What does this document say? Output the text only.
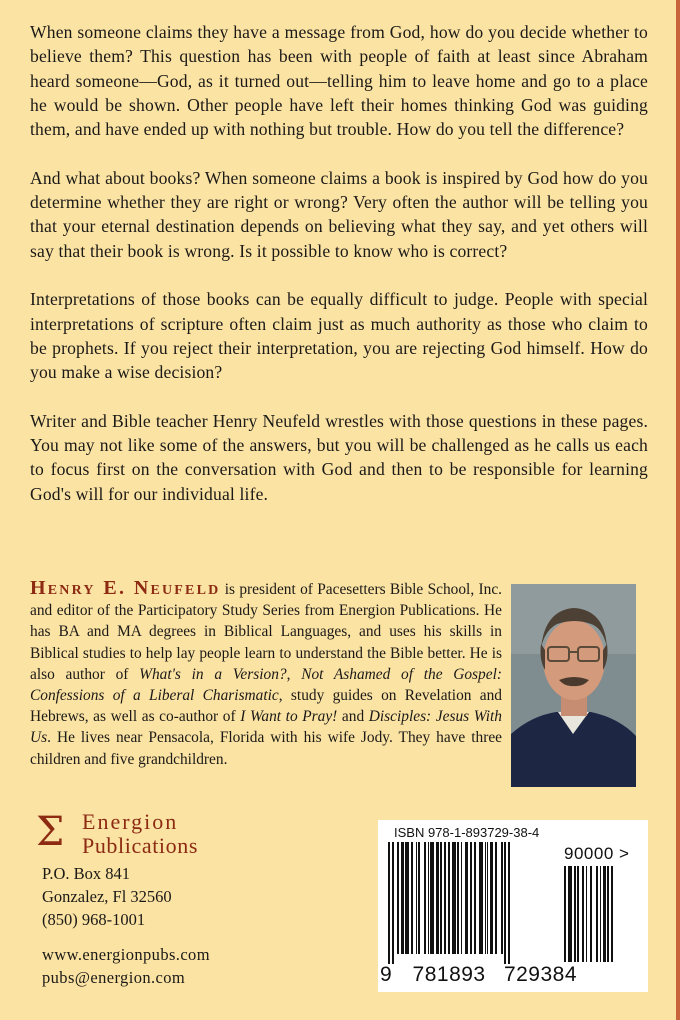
When someone claims they have a message from God, how do you decide whether to believe them? This question has been with people of faith at least since Abraham heard someone—God, as it turned out—telling him to leave home and go to a place he would be shown. Other people have left their homes thinking God was guiding them, and have ended up with nothing but trouble. How do you tell the difference?

And what about books? When someone claims a book is inspired by God how do you determine whether they are right or wrong? Very often the author will be telling you that your eternal destination depends on believing what they say, and yet others will say that their book is wrong. Is it possible to know who is correct?

Interpretations of those books can be equally difficult to judge. People with special interpretations of scripture often claim just as much authority as those who claim to be prophets. If you reject their interpretation, you are rejecting God himself. How do you make a wise decision?

Writer and Bible teacher Henry Neufeld wrestles with those questions in these pages. You may not like some of the answers, but you will be challenged as he calls us each to focus first on the conversation with God and then to be responsible for learning God's will for our individual life.

Henry E. Neufeld is president of Pacesetters Bible School, Inc. and editor of the Participatory Study Series from Energion Publications. He has BA and MA degrees in Biblical Languages, and uses his skills in Biblical studies to help lay people learn to understand the Bible better. He is also author of What's in a Version?, Not Ashamed of the Gospel: Confessions of a Liberal Charismatic, study guides on Revelation and Hebrews, as well as co-author of I Want to Pray! and Disciples: Jesus With Us. He lives near Pensacola, Florida with his wife Jody. They have three children and five grandchildren.
Σ Energion
Publications
P.O. Box 841
Gonzalez, Fl 32560
(850) 968-1001
www.energionpubs.com
pubs@energion.com
ISBN 978-1-893729-38-4
90000 >
9 781893 729384
